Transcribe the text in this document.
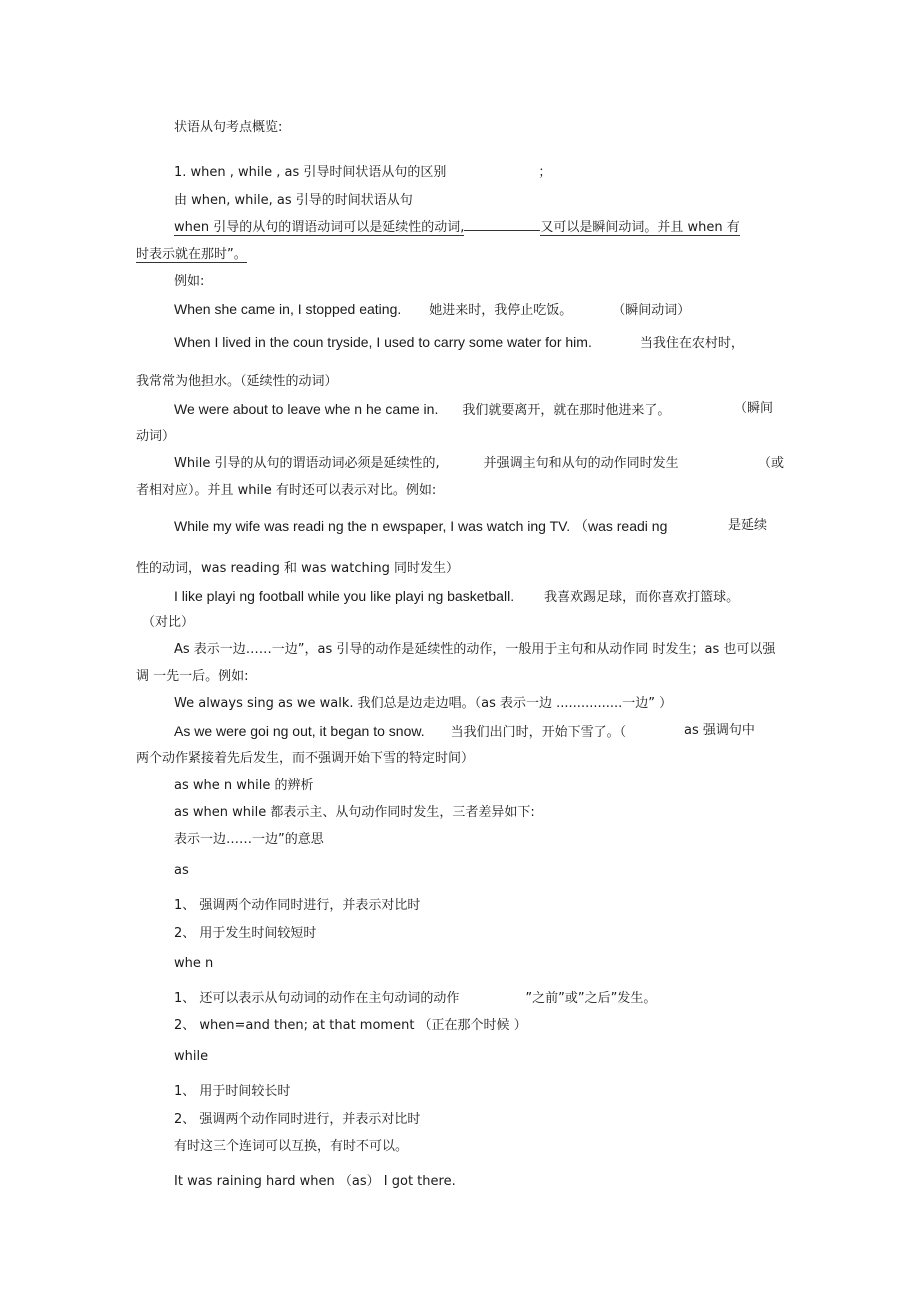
状语从句考点概览:
1. when , while , as 引导时间状语从句的区别	；
由 when, while, as 引导的时间状语从句
when 引导的从句的谓语动词可以是延续性的动词,	又可以是瞬间动词。并且 when 有
时表示就在那时”。
例如:
When she came in, I stopped eating. 她进来时，我停止吃饭。	（瞬间动词）
When I lived in the coun tryside, I used to carry some water for him.	当我住在农村时，
我常常为他担水。（延续性的动词）
We were about to leave whe n he came in. 我们就要离开，就在那时他进来了。	（瞬间
动词）
While 引导的从句的谓语动词必须是延续性的,	并强调主句和从句的动作同时发生	（或
者相对应）。并且 while 有时还可以表示对比。例如:
While my wife was readi ng the n ewspaper, I was watch ing TV. （was readi ng	是延续
性的动词，was reading 和 was watching 同时发生）
I like playi ng football while you like playi ng basketball. 我喜欢踢足球，而你喜欢打篮球。
（对比）
As 表示一边……一边”，as 引导的动作是延续性的动作，一般用于主句和从动作同 时发生；as 也可以强
调 一先一后。例如:
We always sing as we walk. 我们总是边走边唱。（as 表示一边 ................一边” ）
As we were goi ng out, it began to snow. 当我们出门时，开始下雪了。（	as 强调句中
两个动作紧接着先后发生，而不强调开始下雪的特定时间）
as whe n while 的辨析
as when while 都表示主、从句动作同时发生，三者差异如下:
表示一边……一边”的意思
as
1、 强调两个动作同时进行，并表示对比时
2、 用于发生时间较短时
whe n
1、 还可以表示从句动词的动作在主句动词的动作	”之前”或”之后”发生。
2、 when=and then; at that moment （正在那个时候 ）
while
1、 用于时间较长时
2、 强调两个动作同时进行，并表示对比时
有时这三个连词可以互换，有时不可以。
It was raining hard when （as） I got there.
